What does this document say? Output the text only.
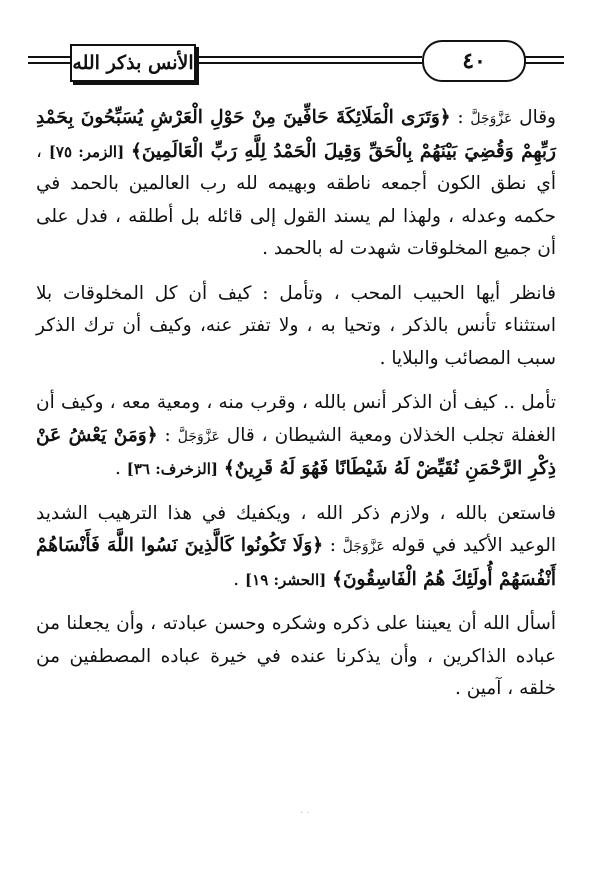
الأنس بذكر الله	٤٠

وقال عَزَّوَجَلَّ : ﴿وَتَرَى الْمَلَائِكَةَ حَافِّينَ مِنْ حَوْلِ الْعَرْشِ يُسَبِّحُونَ بِحَمْدِ رَبِّهِمْ وَقُضِيَ بَيْنَهُمْ بِالْحَقِّ وَقِيلَ الْحَمْدُ لِلَّهِ رَبِّ الْعَالَمِينَ﴾ [الزمر: ٧٥] ، أي نطق الكون أجمعه ناطقه وبهيمه لله رب العالمين بالحمد في حكمه وعدله ، ولهذا لم يسند القول إلى قائله بل أطلقه ، فدل على أن جميع المخلوقات شهدت له بالحمد .

فانظر أيها الحبيب المحب ، وتأمل : كيف أن كل المخلوقات بلا استثناء تأنس بالذكر ، وتحيا به ، ولا تفتر عنه، وكيف أن ترك الذكر سبب المصائب والبلايا .

تأمل .. كيف أن الذكر أنس بالله ، وقرب منه ، ومعية معه ، وكيف أن الغفلة تجلب الخذلان ومعية الشيطان ، قال عَزَّوَجَلَّ : ﴿وَمَنْ يَعْشُ عَنْ ذِكْرِ الرَّحْمَنِ نُقَيِّضْ لَهُ شَيْطَانًا فَهُوَ لَهُ قَرِينٌ﴾ [الزخرف: ٣٦] .

فاستعن بالله ، ولازم ذكر الله ، ويكفيك في هذا الترهيب الشديد الوعيد الأكيد في قوله عَزَّوَجَلَّ : ﴿وَلَا تَكُونُوا كَالَّذِينَ نَسُوا اللَّهَ فَأَنْسَاهُمْ أَنْفُسَهُمْ أُولَئِكَ هُمُ الْفَاسِقُونَ﴾ [الحشر: ١٩] .

أسأل الله أن يعيننا على ذكره وشكره وحسن عبادته ، وأن يجعلنا من عباده الذاكرين ، وأن يذكرنا عنده في خيرة عباده المصطفين من خلقه ، آمين .

· ·
